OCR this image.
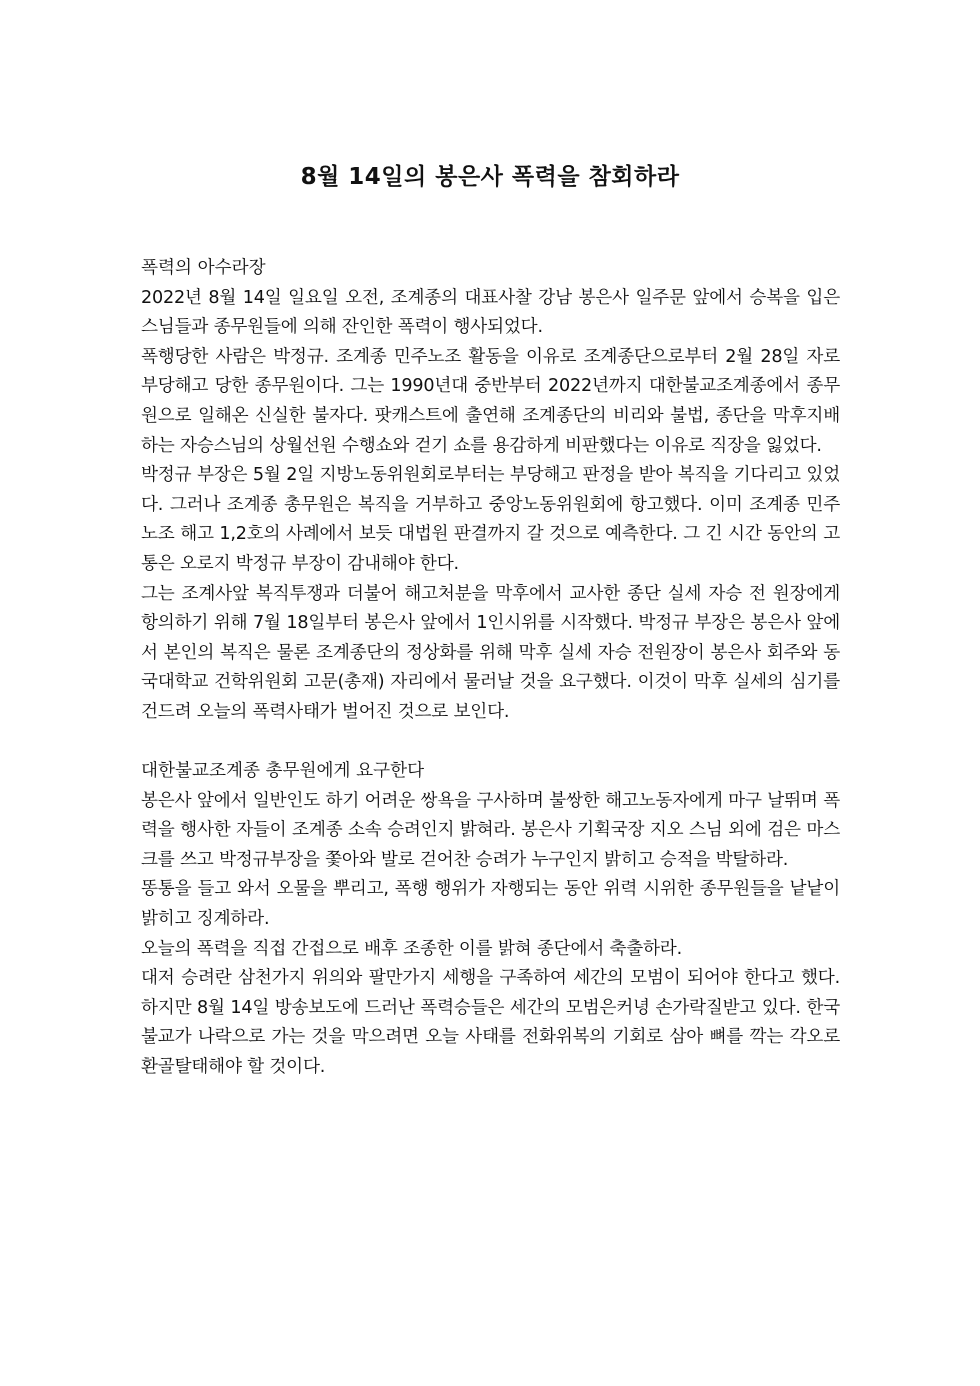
8월 14일의 봉은사 폭력을 참회하라

폭력의 아수라장

2022년 8월 14일 일요일 오전, 조계종의 대표사찰 강남 봉은사 일주문 앞에서 승복을 입은 스님들과 종무원들에 의해 잔인한 폭력이 행사되었다.

폭행당한 사람은 박정규. 조계종 민주노조 활동을 이유로 조계종단으로부터 2월 28일 자로 부당해고 당한 종무원이다. 그는 1990년대 중반부터 2022년까지 대한불교조계종에서 종무원으로 일해온 신실한 불자다. 팟캐스트에 출연해 조계종단의 비리와 불법, 종단을 막후지배하는 자승스님의 상월선원 수행쇼와 걷기 쇼를 용감하게 비판했다는 이유로 직장을 잃었다.

박정규 부장은 5월 2일 지방노동위원회로부터는 부당해고 판정을 받아 복직을 기다리고 있었다. 그러나 조계종 총무원은 복직을 거부하고 중앙노동위원회에 항고했다. 이미 조계종 민주노조 해고 1,2호의 사례에서 보듯 대법원 판결까지 갈 것으로 예측한다. 그 긴 시간 동안의 고통은 오로지 박정규 부장이 감내해야 한다.

그는 조계사앞 복직투쟁과 더불어 해고처분을 막후에서 교사한 종단 실세 자승 전 원장에게 항의하기 위해 7월 18일부터 봉은사 앞에서 1인시위를 시작했다. 박정규 부장은 봉은사 앞에서 본인의 복직은 물론 조계종단의 정상화를 위해 막후 실세 자승 전원장이 봉은사 회주와 동국대학교 건학위원회 고문(총재) 자리에서 물러날 것을 요구했다. 이것이 막후 실세의 심기를 건드려 오늘의 폭력사태가 벌어진 것으로 보인다.

대한불교조계종 총무원에게 요구한다

봉은사 앞에서 일반인도 하기 어려운 쌍욕을 구사하며 불쌍한 해고노동자에게 마구 날뛰며 폭력을 행사한 자들이 조계종 소속 승려인지 밝혀라. 봉은사 기획국장 지오 스님 외에 검은 마스크를 쓰고 박정규부장을 쫓아와 발로 걷어찬 승려가 누구인지 밝히고 승적을 박탈하라.

똥통을 들고 와서 오물을 뿌리고, 폭행 행위가 자행되는 동안 위력 시위한 종무원들을 낱낱이 밝히고 징계하라.

오늘의 폭력을 직접 간접으로 배후 조종한 이를 밝혀 종단에서 축출하라.

대저 승려란 삼천가지 위의와 팔만가지 세행을 구족하여 세간의 모범이 되어야 한다고 했다. 하지만 8월 14일 방송보도에 드러난 폭력승들은 세간의 모범은커녕 손가락질받고 있다. 한국불교가 나락으로 가는 것을 막으려면 오늘 사태를 전화위복의 기회로 삼아 뼈를 깍는 각오로 환골탈태해야 할 것이다.
